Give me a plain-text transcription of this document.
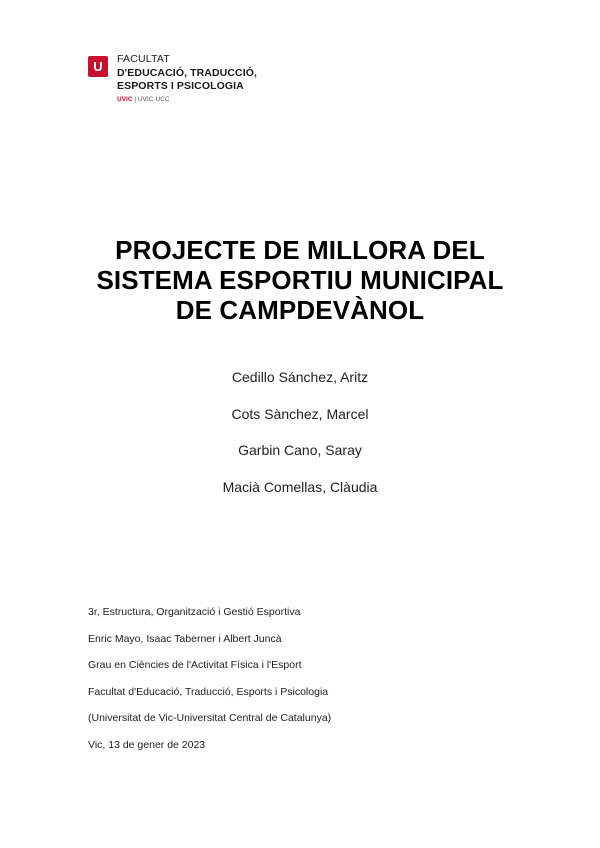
U	FACULTAT
D'EDUCACIÓ, TRADUCCIÓ,
ESPORTS I PSICOLOGIA
UVIC | UVIC·UCC
PROJECTE DE MILLORA DEL
SISTEMA ESPORTIU MUNICIPAL
DE CAMPDEVÀNOL
Cedillo Sánchez, Aritz
Cots Sànchez, Marcel
Garbin Cano, Saray
Macià Comellas, Clàudia
3r, Estructura, Organització i Gestió Esportiva
Enric Mayo, Isaac Taberner i Albert Juncà
Grau en Ciències de l'Activitat Física i l'Esport
Facultat d'Educació, Traducció, Esports i Psicologia
(Universitat de Vic-Universitat Central de Catalunya)
Vic, 13 de gener de 2023
